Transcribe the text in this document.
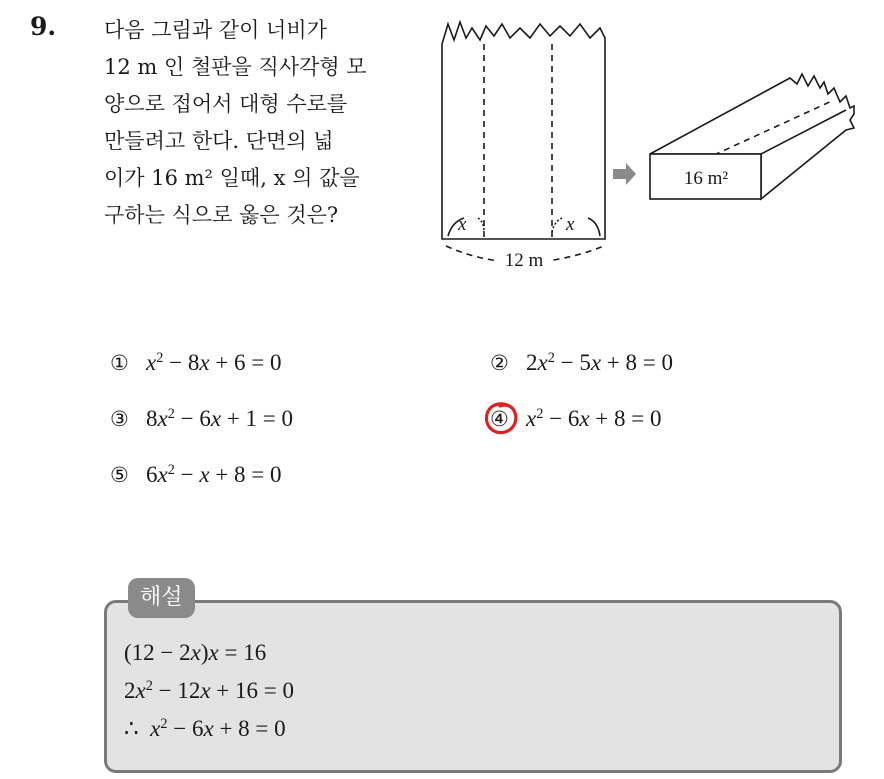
9. 다음 그림과 같이 너비가
12 m 인 철판을 직사각형 모
양으로 접어서 대형 수로를
만들려고 한다. 단면의 넓
이가 16 m² 일때, x 의 값을
구하는 식으로 옳은 것은?	x	x
12 m
16 m²
① $x^2 - 8x + 6 = 0$	② $2x^2 - 5x + 8 = 0$
③ $8x^2 - 6x + 1 = 0$	④ $x^2 - 6x + 8 = 0$
⑤ $6x^2 - x + 8 = 0$
해설
(12 − 2x)x = 16
$2x^2 - 12x + 16 = 0$
∴  $x^2 - 6x + 8 = 0$
